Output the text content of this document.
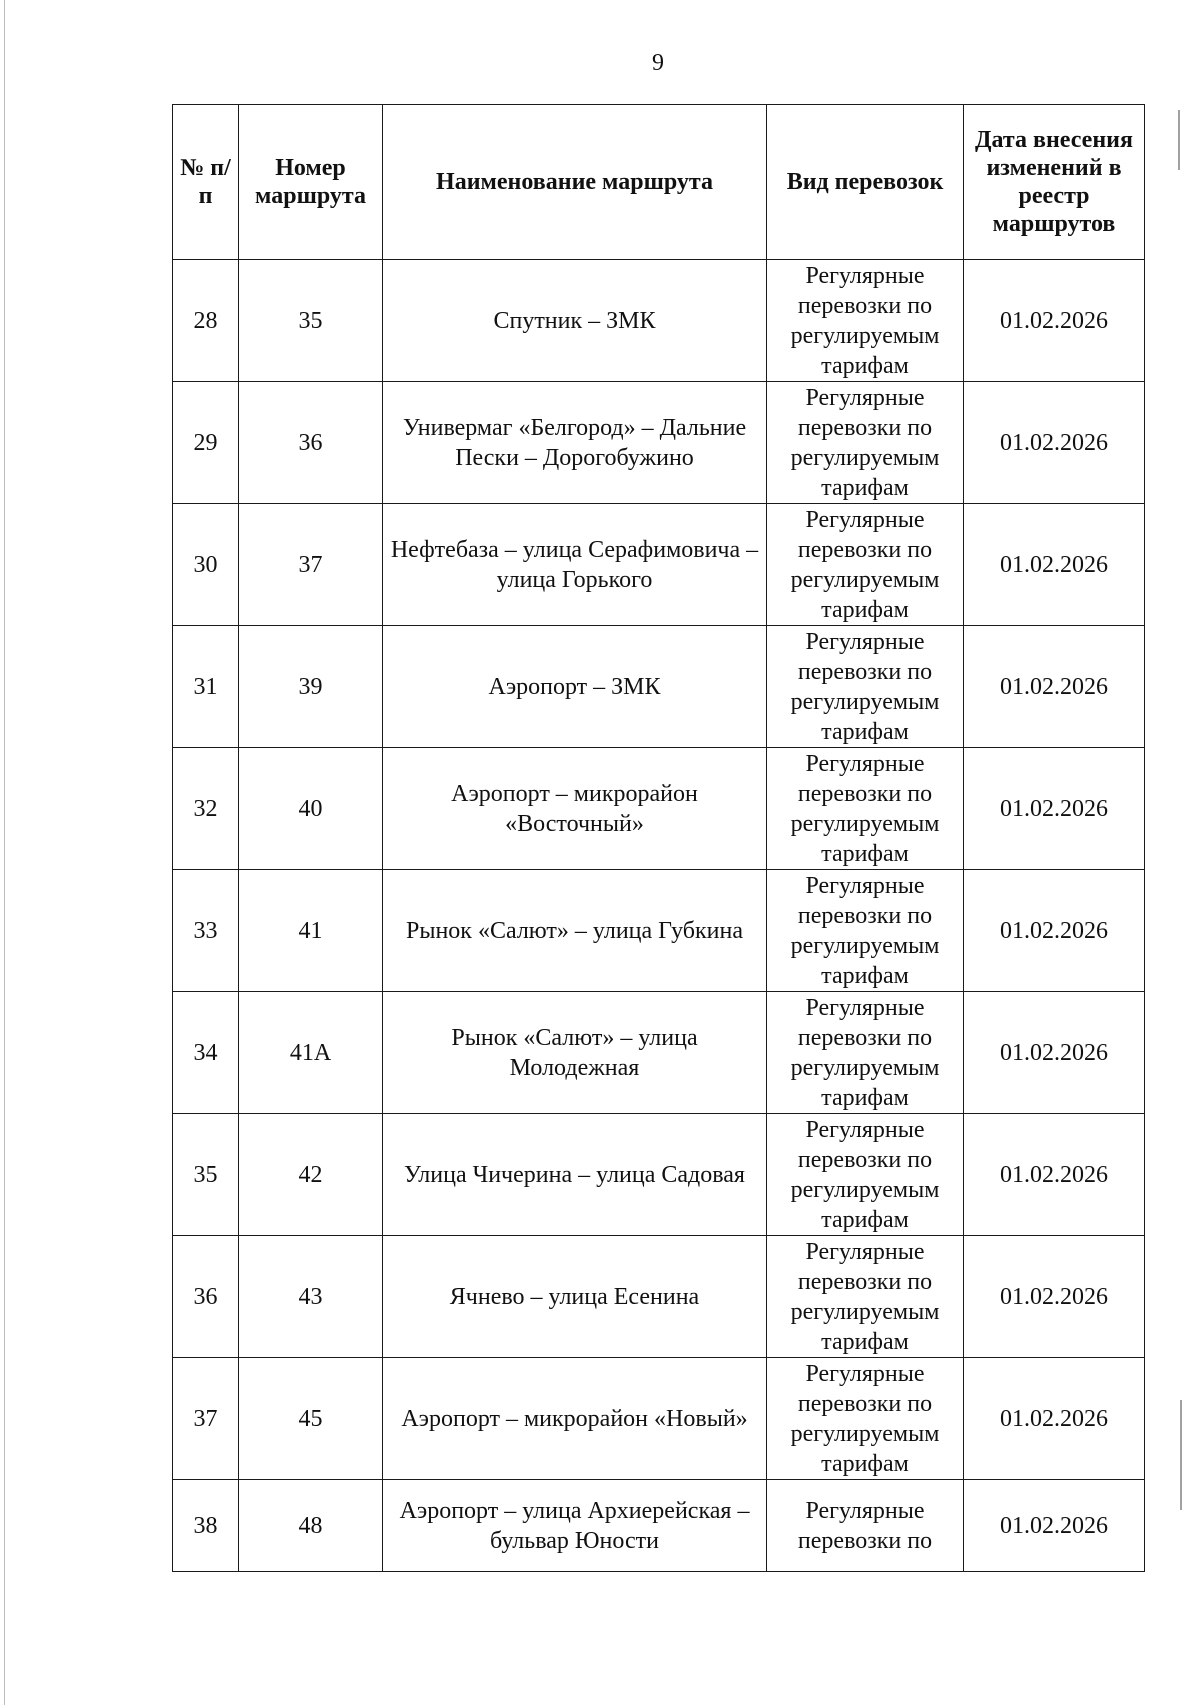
9
№ п/п	Номер маршрута	Наименование маршрута	Вид перевозок	Дата внесения изменений в реестр маршрутов
28	35	Спутник – ЗМК	Регулярные перевозки по регулируемым тарифам	01.02.2026
29	36	Универмаг «Белгород» – Дальние Пески – Дорогобужино	Регулярные перевозки по регулируемым тарифам	01.02.2026
30	37	Нефтебаза – улица Серафимовича – улица Горького	Регулярные перевозки по регулируемым тарифам	01.02.2026
31	39	Аэропорт – ЗМК	Регулярные перевозки по регулируемым тарифам	01.02.2026
32	40	Аэропорт – микрорайон «Восточный»	Регулярные перевозки по регулируемым тарифам	01.02.2026
33	41	Рынок «Салют» – улица Губкина	Регулярные перевозки по регулируемым тарифам	01.02.2026
34	41А	Рынок «Салют» – улица Молодежная	Регулярные перевозки по регулируемым тарифам	01.02.2026
35	42	Улица Чичерина – улица Садовая	Регулярные перевозки по регулируемым тарифам	01.02.2026
36	43	Ячнево – улица Есенина	Регулярные перевозки по регулируемым тарифам	01.02.2026
37	45	Аэропорт – микрорайон «Новый»	Регулярные перевозки по регулируемым тарифам	01.02.2026
38	48	Аэропорт – улица Архиерейская – бульвар Юности	Регулярные перевозки по	01.02.2026
